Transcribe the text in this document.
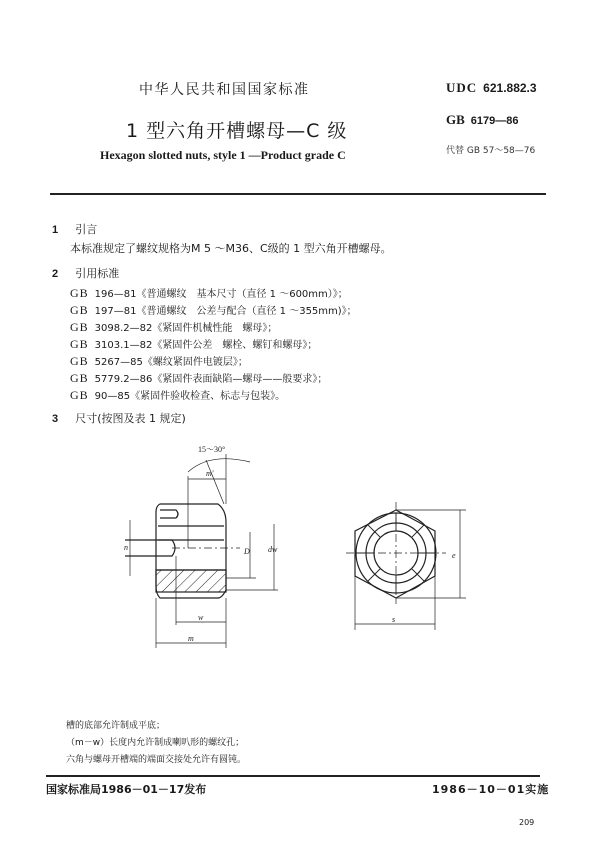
中华人民共和国国家标准
1 型六角开槽螺母—C 级
Hexagon slotted nuts, style 1 —Product grade C
UDC 621.882.3
GB 6179—86
代替 GB 57～58—76
1 引言
本标准规定了螺纹规格为M 5 ～M36、C级的 1 型六角开槽螺母。
2 引用标准
GB 196—81《普通螺纹　基本尺寸（直径 1 ～600mm）》；
GB 197—81《普通螺纹　公差与配合（直径 1 ～355mm)》；
GB 3098.2—82《紧固件机械性能　螺母》；
GB 3103.1—82《紧固件公差　螺栓、螺钉和螺母》；
GB 5267—85《螺纹紧固件电镀层》；
GB 5779.2—86《紧固件表面缺陷—螺母——般要求》；
GB 90—85《紧固件验收检查、标志与包装》。
3 尺寸(按图及表 1 规定)
15～30°
m'
n	D dw
w
m
e
s
槽的底部允许制成平底；
（m－w）长度内允许制成喇叭形的螺纹孔；
六角与螺母开槽端的端面交接处允许有圆钝。
国家标准局1986－01－17发布	1986－10－01实施
209
